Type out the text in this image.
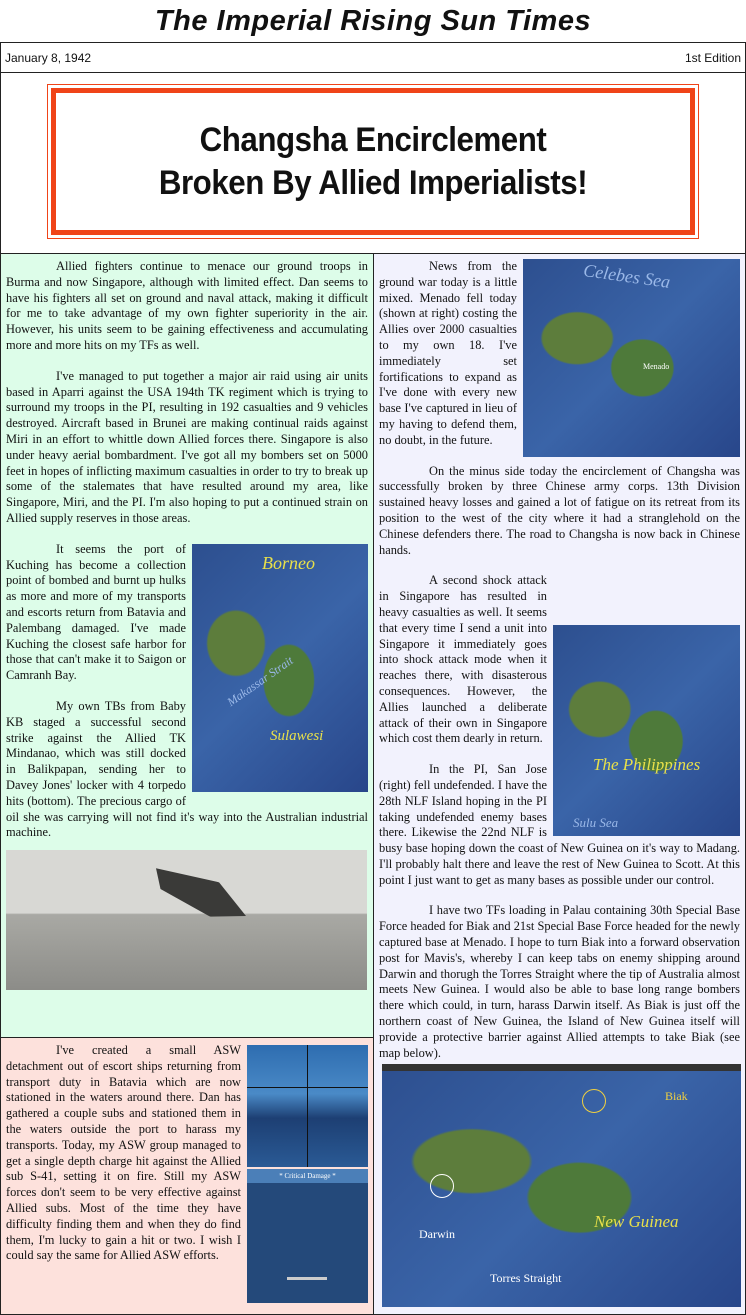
The Imperial Rising Sun Times
January 8, 1942	1st Edition
Changsha Encirclement
Broken By Allied Imperialists!

Allied fighters continue to menace our ground troops in Burma and now Singapore, although with limited effect. Dan seems to have his fighters all set on ground and naval attack, making it difficult for me to take advantage of my own fighter superiority in the air. However, his units seem to be gaining effectiveness and accumulating more and more hits on my TFs as well.

I've managed to put together a major air raid using air units based in Aparri against the USA 194th TK regiment which is trying to surround my troops in the PI, resulting in 192 casualties and 9 vehicles destroyed. Aircraft based in Brunei are making continual raids against Miri in an effort to whittle down Allied forces there. Singapore is also under heavy aerial bombardment. I've got all my bombers set on 5000 feet in hopes of inflicting maximum casualties in order to try to break up some of the stalemates that have resulted around my area, like Singapore, Miri, and the PI. I'm also hoping to put a continued strain on Allied supply reserves in those areas.

Borneo
Sulawesi
Makassar Strait

It seems the port of Kuching has become a collection point of bombed and burnt up hulks as more and more of my transports and escorts return from Batavia and Palembang damaged. I've made Kuching the closest safe harbor for those that can't make it to Saigon or Camranh Bay.

My own TBs from Baby KB staged a successful second strike against the Allied TK Mindanao, which was still docked in Balikpapan, sending her to Davey Jones' locker with 4 torpedo hits (bottom). The precious cargo of oil she was carrying will not find it's way into the Australian industrial machine.

* Critical Damage *

I've created a small ASW detachment out of escort ships returning from transport duty in Batavia which are now stationed in the waters around there. Dan has gathered a couple subs and stationed them in the waters outside the port to harass my transports. Today, my ASW group managed to get a single depth charge hit against the Allied sub S-41, setting it on fire. Still my ASW forces don't seem to be very effective against Allied subs. Most of the time they have difficulty finding them and when they do find them, I'm lucky to gain a hit or two. I wish I could say the same for Allied ASW efforts.

Celebes Sea
Menado

News from the ground war today is a little mixed. Menado fell today (shown at right) costing the Allies over 2000 casualties to my own 18. I've immediately set fortifications to expand as I've done with every new base I've captured in lieu of my having to defend them, no doubt, in the future.

On the minus side today the encirclement of Changsha was successfully broken by three Chinese army corps. 13th Division sustained heavy losses and gained a lot of fatigue on its retreat from its position to the west of the city where it had a stranglehold on the Chinese defenders there. The road to Changsha is now back in Chinese hands.

The Philippines
Sulu Sea

A second shock attack in Singapore has resulted in heavy casualties as well. It seems that every time I send a unit into Singapore it immediately goes into shock attack mode when it reaches there, with disasterous consequences. However, the Allies launched a deliberate attack of their own in Singapore which cost them dearly in return.

In the PI, San Jose (right) fell undefended. I have the 28th NLF Island hoping in the PI taking undefended enemy bases there. Likewise the 22nd NLF is busy base hoping down the coast of New Guinea on it's way to Madang. I'll probably halt there and leave the rest of New Guinea to Scott. At this point I just want to get as many bases as possible under our control.

I have two TFs loading in Palau containing 30th Special Base Force headed for Biak and 21st Special Base Force headed for the newly captured base at Menado. I hope to turn Biak into a forward observation post for Mavis's, whereby I can keep tabs on enemy shipping around Darwin and thorugh the Torres Straight where the tip of Australia almost meets New Guinea. I would also be able to base long range bombers there which could, in turn, harass Darwin itself. As Biak is just off the northern coast of New Guinea, the Island of New Guinea itself will provide a protective barrier against Allied attempts to take Biak (see map below).

Biak
Darwin
Torres Straight
New Guinea
